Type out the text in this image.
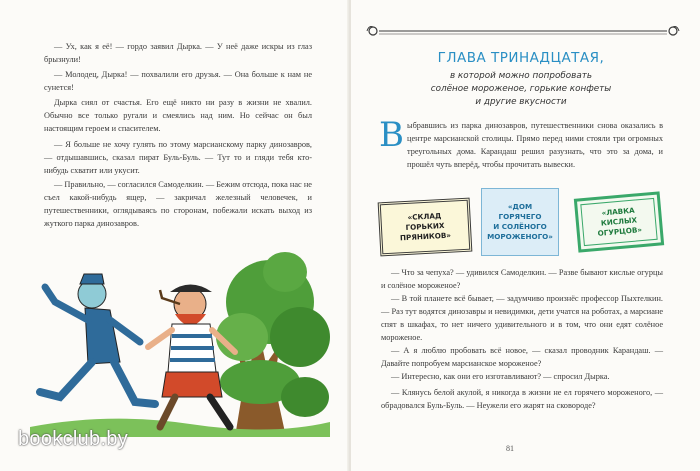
— Ух, как я её! — гордо заявил Дырка. — У неё даже искры из глаз брызнули!
— Молодец, Дырка! — похвалили его друзья. — Она больше к нам не сунется!
Дырка сиял от счастья. Его ещё никто ни разу в жизни не хвалил. Обычно все только ругали и смеялись над ним. Но сейчас он был настоящим героем и спасителем.
— Я больше не хочу гулять по этому марсианскому парку динозавров, — отдышавшись, сказал пират Буль-Буль. — Тут то и гляди тебя кто-нибудь схватит или укусит.
— Правильно, — согласился Самоделкин. — Бежим отсюда, пока нас не съел какой-нибудь ящер, — закричал железный человечек, и путешественники, оглядываясь по сторонам, побежали искать выход из жуткого парка динозавров.
ГЛАВА ТРИНАДЦАТАЯ,
в которой можно попробовать
солёное мороженое, горькие конфеты
и другие вкусности
В ыбравшись из парка динозавров, путешественники снова оказались в центре марсианской столицы. Прямо перед ними стояли три огромных треугольных дома. Карандаш решил разузнать, что это за дома, и прошёл чуть вперёд, чтобы прочитать вывески.
«СКЛАД
ГОРЬКИХ
ПРЯНИКОВ»
«ДОМ
ГОРЯЧЕГО
И СОЛЁНОГО
МОРОЖЕНОГО»
«ЛАВКА
КИСЛЫХ
ОГУРЦОВ»
— Что за чепуха? — удивился Самоделкин. — Разве бывают кислые огурцы и солёное мороженое?
— В той планете всё бывает, — задумчиво произнёс профессор Пыхтелкин. — Раз тут водятся динозавры и невидимки, дети учатся на роботах, а марсиане спят в шкафах, то нет ничего удивительного и в том, что они едят солёное мороженое.
— А я люблю пробовать всё новое, — сказал проводник Карандаш. — Давайте попробуем марсианское мороженое?
— Интересно, как они его изготавливают? — спросил Дырка.
— Клянусь белой акулой, я никогда в жизни не ел горячего мороженого, — обрадовался Буль-Буль. — Неужели его жарят на сковороде?
81
bookclub.by
